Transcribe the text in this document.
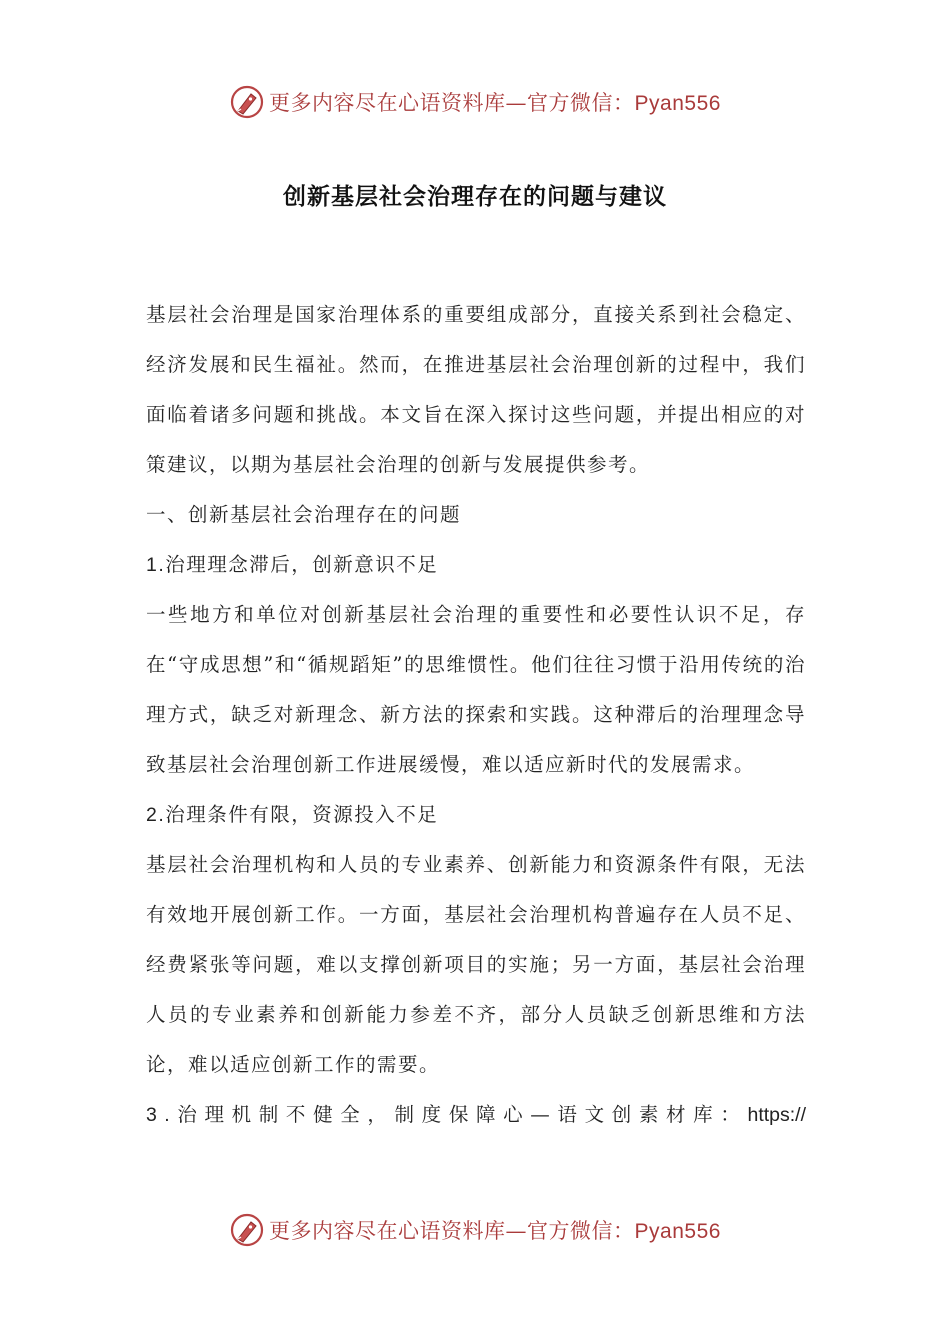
更多内容尽在心语资料库—官方微信：Pyan556
创新基层社会治理存在的问题与建议

基层社会治理是国家治理体系的重要组成部分，直接关系到社会稳定、经济发展和民生福祉。然而，在推进基层社会治理创新的过程中，我们面临着诸多问题和挑战。本文旨在深入探讨这些问题，并提出相应的对策建议，以期为基层社会治理的创新与发展提供参考。

一、创新基层社会治理存在的问题

1.治理理念滞后，创新意识不足

一些地方和单位对创新基层社会治理的重要性和必要性认识不足，存在“守成思想”和“循规蹈矩”的思维惯性。他们往往习惯于沿用传统的治理方式，缺乏对新理念、新方法的探索和实践。这种滞后的治理理念导致基层社会治理创新工作进展缓慢，难以适应新时代的发展需求。

2.治理条件有限，资源投入不足

基层社会治理机构和人员的专业素养、创新能力和资源条件有限，无法有效地开展创新工作。一方面，基层社会治理机构普遍存在人员不足、经费紧张等问题，难以支撑创新项目的实施；另一方面，基层社会治理人员的专业素养和创新能力参差不齐，部分人员缺乏创新思维和方法论，难以适应创新工作的需要。

3.治理机制不健全，制度保障心—语文创素材库：https://

更多内容尽在心语资料库—官方微信：Pyan556
